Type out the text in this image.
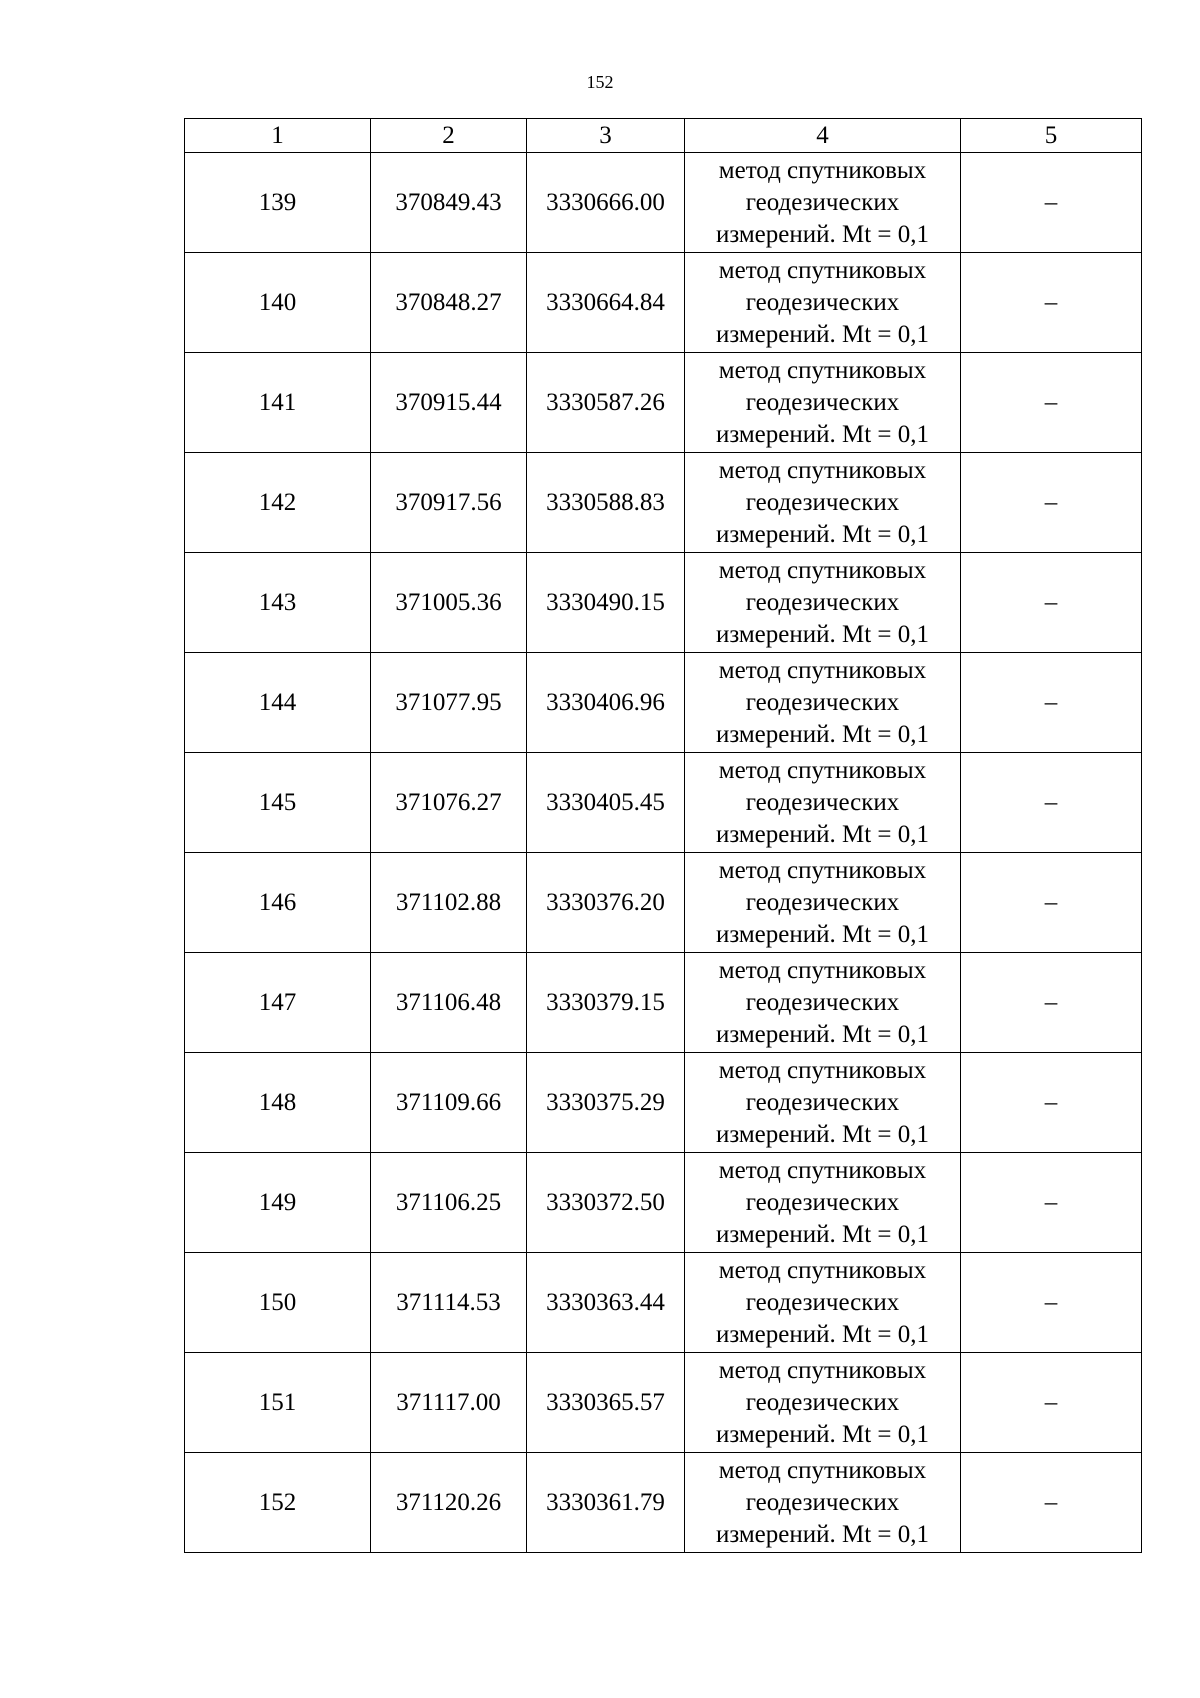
152
1	2	3	4	5
139	370849.43	3330666.00	метод спутниковых
геодезических
измерений. Mt = 0,1	–
140	370848.27	3330664.84	метод спутниковых
геодезических
измерений. Mt = 0,1	–
141	370915.44	3330587.26	метод спутниковых
геодезических
измерений. Mt = 0,1	–
142	370917.56	3330588.83	метод спутниковых
геодезических
измерений. Mt = 0,1	–
143	371005.36	3330490.15	метод спутниковых
геодезических
измерений. Mt = 0,1	–
144	371077.95	3330406.96	метод спутниковых
геодезических
измерений. Mt = 0,1	–
145	371076.27	3330405.45	метод спутниковых
геодезических
измерений. Mt = 0,1	–
146	371102.88	3330376.20	метод спутниковых
геодезических
измерений. Mt = 0,1	–
147	371106.48	3330379.15	метод спутниковых
геодезических
измерений. Mt = 0,1	–
148	371109.66	3330375.29	метод спутниковых
геодезических
измерений. Mt = 0,1	–
149	371106.25	3330372.50	метод спутниковых
геодезических
измерений. Mt = 0,1	–
150	371114.53	3330363.44	метод спутниковых
геодезических
измерений. Mt = 0,1	–
151	371117.00	3330365.57	метод спутниковых
геодезических
измерений. Mt = 0,1	–
152	371120.26	3330361.79	метод спутниковых
геодезических
измерений. Mt = 0,1	–
